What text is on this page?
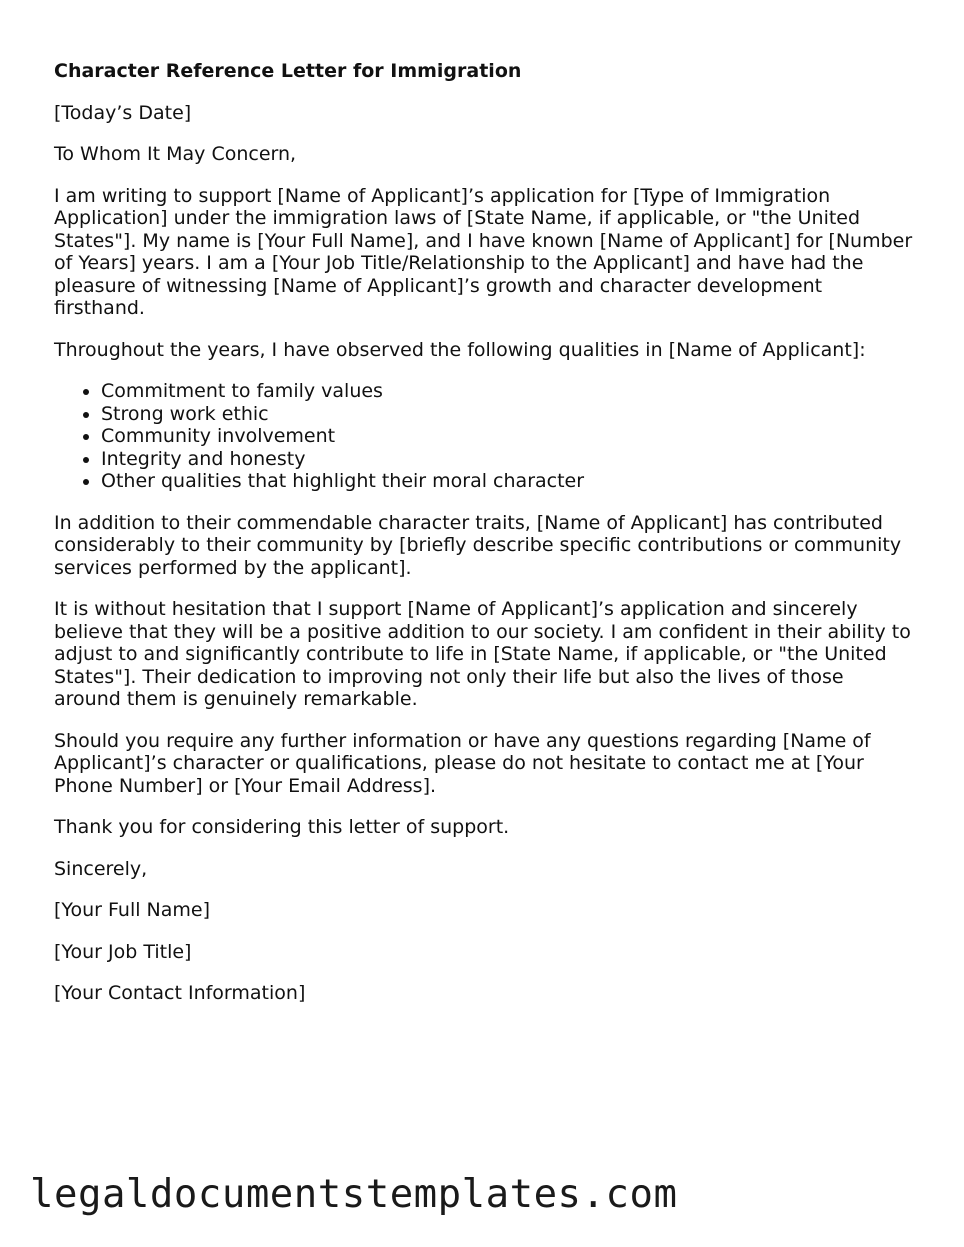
Character Reference Letter for Immigration

[Today’s Date]

To Whom It May Concern,

I am writing to support [Name of Applicant]’s application for [Type of Immigration Application] under the immigration laws of [State Name, if applicable, or "the United States"]. My name is [Your Full Name], and I have known [Name of Applicant] for [Number of Years] years. I am a [Your Job Title/Relationship to the Applicant] and have had the pleasure of witnessing [Name of Applicant]’s growth and character development firsthand.

Throughout the years, I have observed the following qualities in [Name of Applicant]:

• Commitment to family values
• Strong work ethic
• Community involvement
• Integrity and honesty
• Other qualities that highlight their moral character

In addition to their commendable character traits, [Name of Applicant] has contributed considerably to their community by [briefly describe specific contributions or community services performed by the applicant].

It is without hesitation that I support [Name of Applicant]’s application and sincerely believe that they will be a positive addition to our society. I am confident in their ability to adjust to and significantly contribute to life in [State Name, if applicable, or "the United States"]. Their dedication to improving not only their life but also the lives of those around them is genuinely remarkable.

Should you require any further information or have any questions regarding [Name of Applicant]’s character or qualifications, please do not hesitate to contact me at [Your Phone Number] or [Your Email Address].

Thank you for considering this letter of support.

Sincerely,

[Your Full Name]

[Your Job Title]

[Your Contact Information]

legaldocumentstemplates.com
